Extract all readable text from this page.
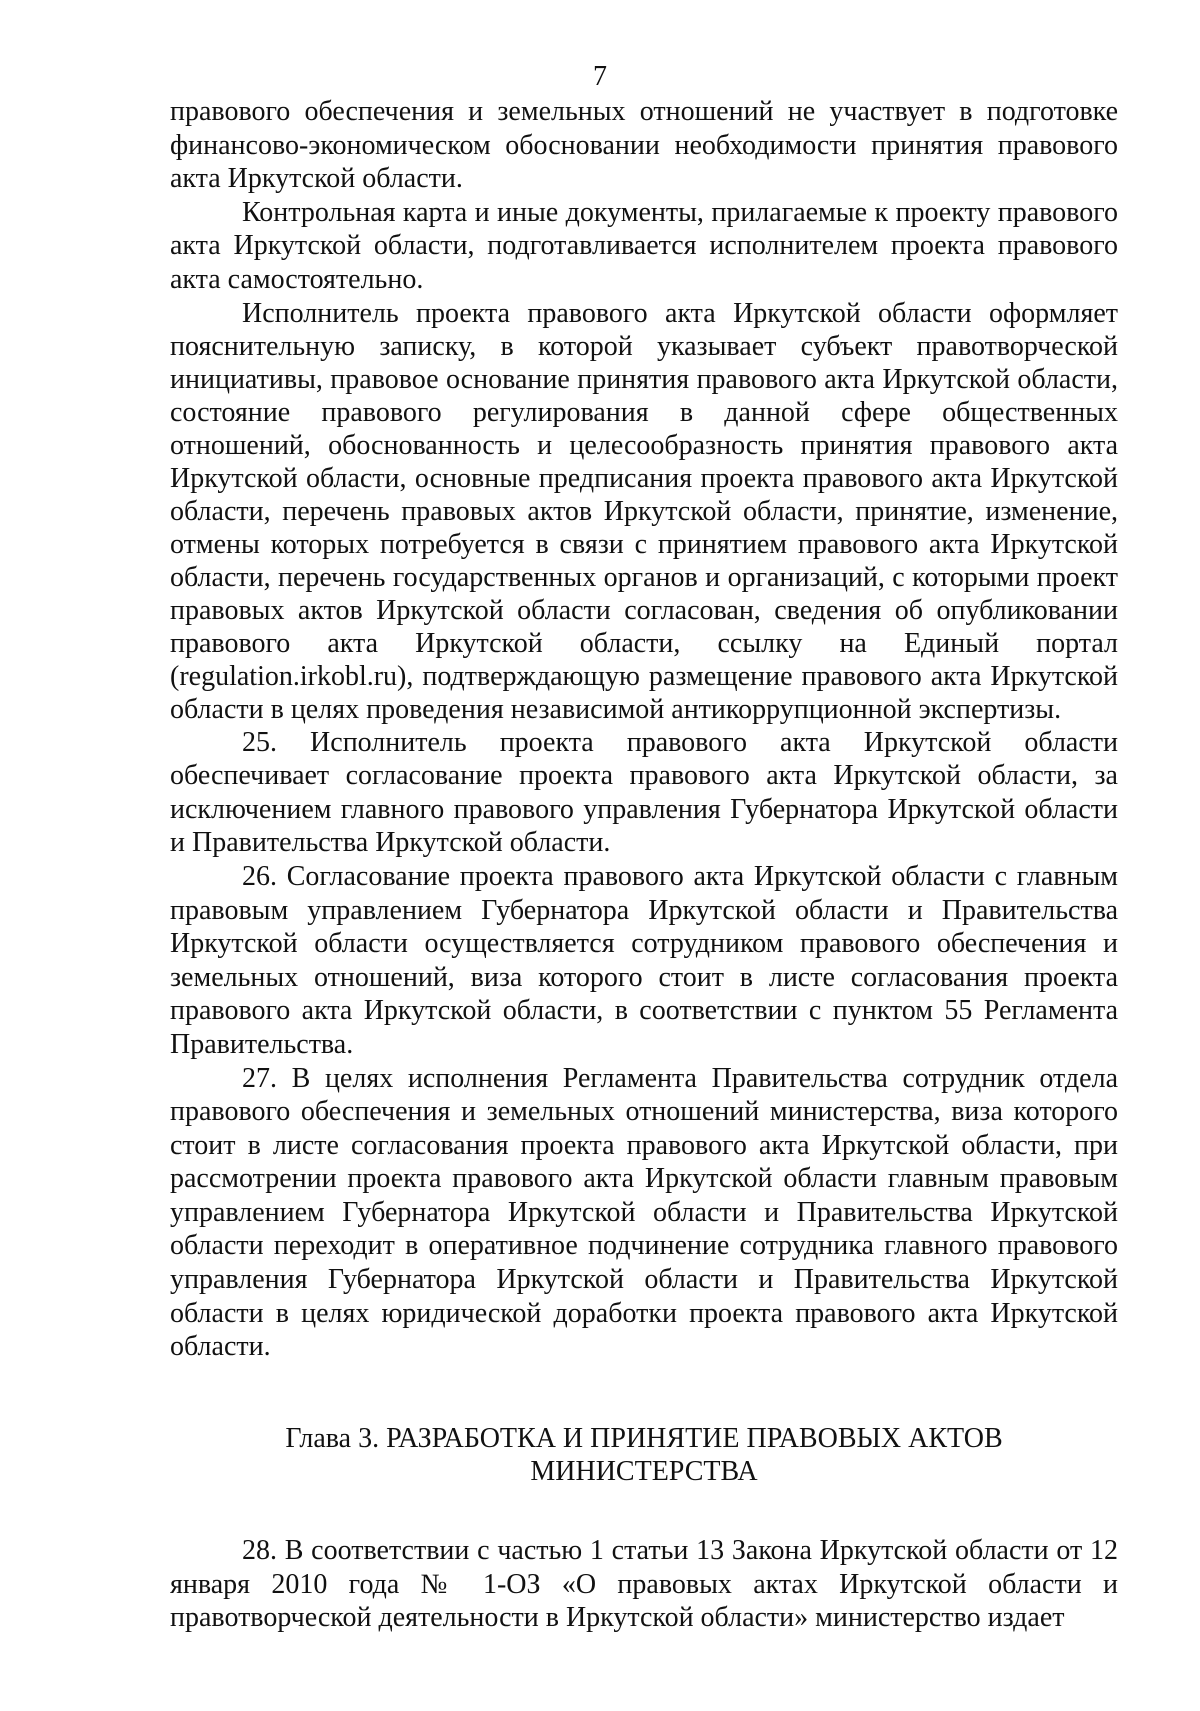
7

правового обеспечения и земельных отношений не участвует в подготовке финансово-экономическом обосновании необходимости принятия правового акта Иркутской области.

Контрольная карта и иные документы, прилагаемые к проекту правового акта Иркутской области, подготавливается исполнителем проекта правового акта самостоятельно.

Исполнитель проекта правового акта Иркутской области оформляет пояснительную записку, в которой указывает субъект правотворческой инициативы, правовое основание принятия правового акта Иркутской области, состояние правового регулирования в данной сфере общественных отношений, обоснованность и целесообразность принятия правового акта Иркутской области, основные предписания проекта правового акта Иркутской области, перечень правовых актов Иркутской области, принятие, изменение, отмены которых потребуется в связи с принятием правового акта Иркутской области, перечень государственных органов и организаций, с которыми проект правовых актов Иркутской области согласован, сведения об опубликовании правового акта Иркутской области, ссылку на Единый портал (regulation.irkobl.ru), подтверждающую размещение правового акта Иркутской области в целях проведения независимой антикоррупционной экспертизы.

25. Исполнитель проекта правового акта Иркутской области обеспечивает согласование проекта правового акта Иркутской области, за исключением главного правового управления Губернатора Иркутской области и Правительства Иркутской области.

26. Согласование проекта правового акта Иркутской области с главным правовым управлением Губернатора Иркутской области и Правительства Иркутской области осуществляется сотрудником правового обеспечения и земельных отношений, виза которого стоит в листе согласования проекта правового акта Иркутской области, в соответствии с пунктом 55 Регламента Правительства.

27. В целях исполнения Регламента Правительства сотрудник отдела правового обеспечения и земельных отношений министерства, виза которого стоит в листе согласования проекта правового акта Иркутской области, при рассмотрении проекта правового акта Иркутской области главным правовым управлением Губернатора Иркутской области и Правительства Иркутской области переходит в оперативное подчинение сотрудника главного правового управления Губернатора Иркутской области и Правительства Иркутской области в целях юридической доработки проекта правового акта Иркутской области.

Глава 3. РАЗРАБОТКА И ПРИНЯТИЕ ПРАВОВЫХ АКТОВ МИНИСТЕРСТВА

28. В соответствии с частью 1 статьи 13 Закона Иркутской области от 12 января 2010 года № 1-ОЗ «О правовых актах Иркутской области и правотворческой деятельности в Иркутской области» министерство издает
